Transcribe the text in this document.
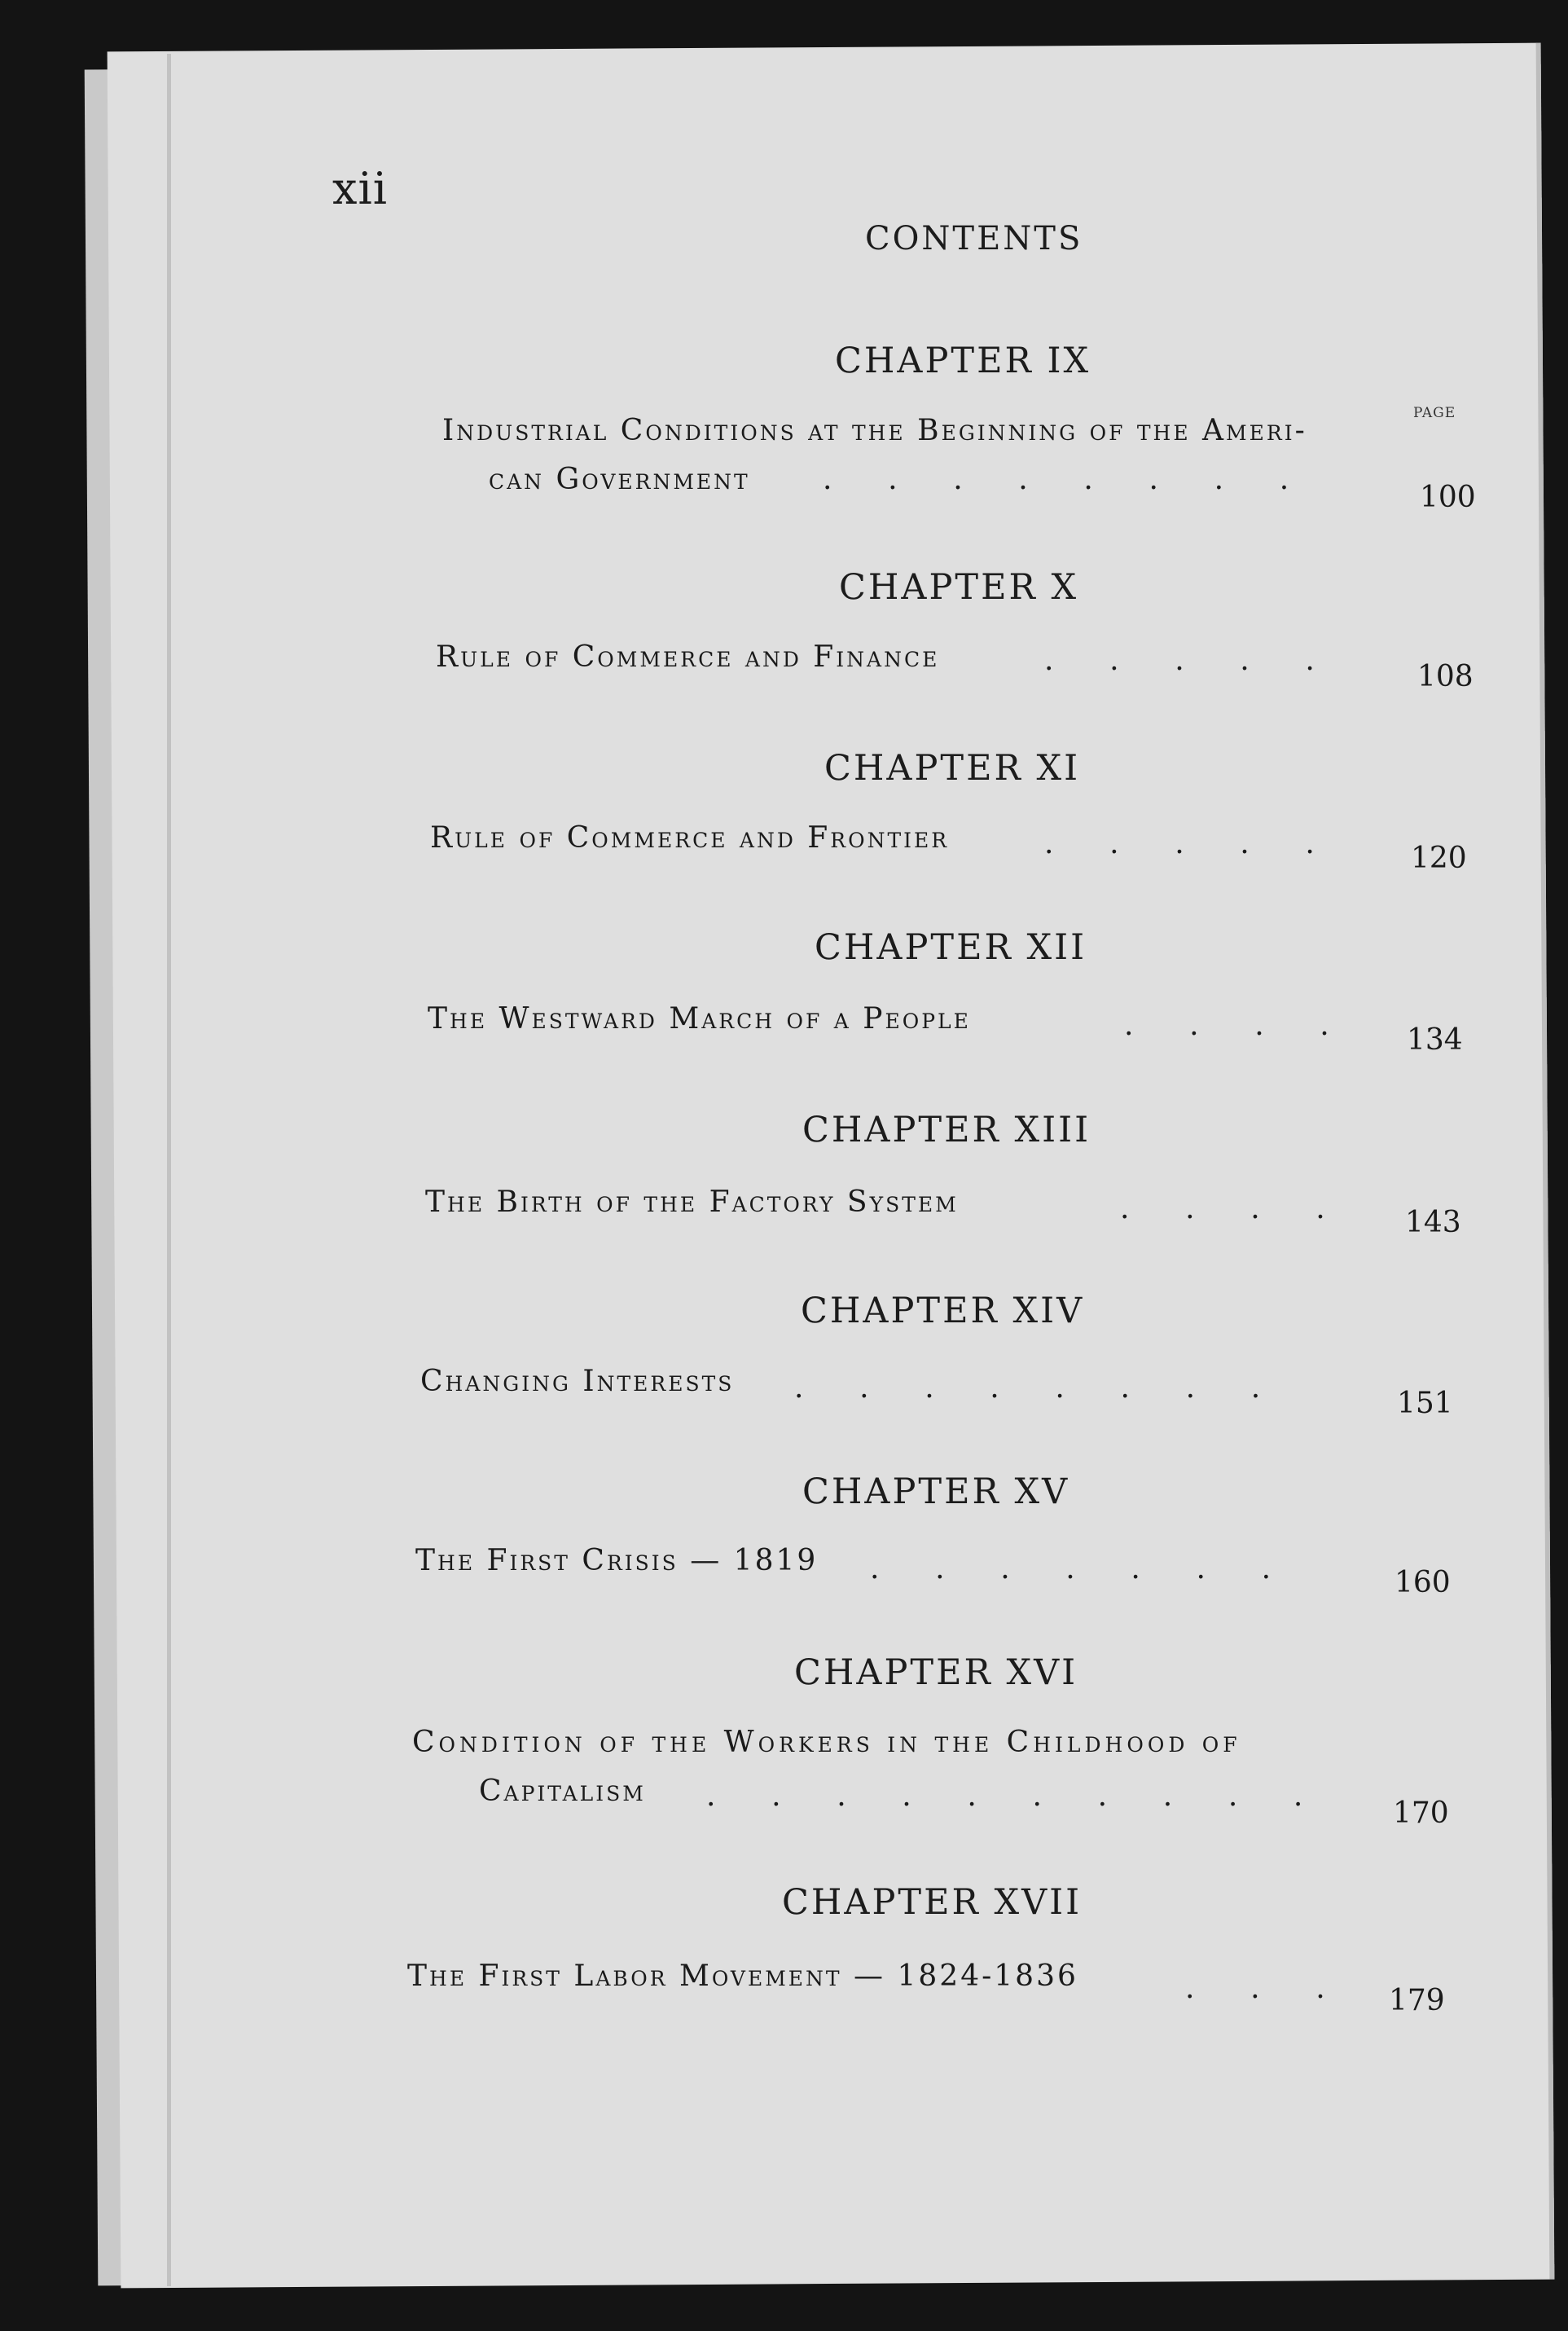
xii
CONTENTS
PAGE
CHAPTER IX
Industrial Conditions at the Beginning of the Ameri-
can Government .      .      .      .      .      .      .      .
100
CHAPTER X
Rule of Commerce and Finance	.      .      .      .      .	108
CHAPTER XI
Rule of Commerce and Frontier	.      .      .      .      .	120
CHAPTER XII
The Westward March of a People	.      .      .      .	134
CHAPTER XIII
The Birth of the Factory System	.      .      .      .	143
CHAPTER XIV
Changing Interests .      .      .      .      .      .      .      .	151
CHAPTER XV
The First Crisis — 1819 .      .      .      .      .      .      .	160
CHAPTER XVI
Condition of the Workers in the Childhood of
Capitalism .      .      .      .      .      .      .      .      .      .
170
CHAPTER XVII
The First Labor Movement — 1824-1836	.      .      . 179
